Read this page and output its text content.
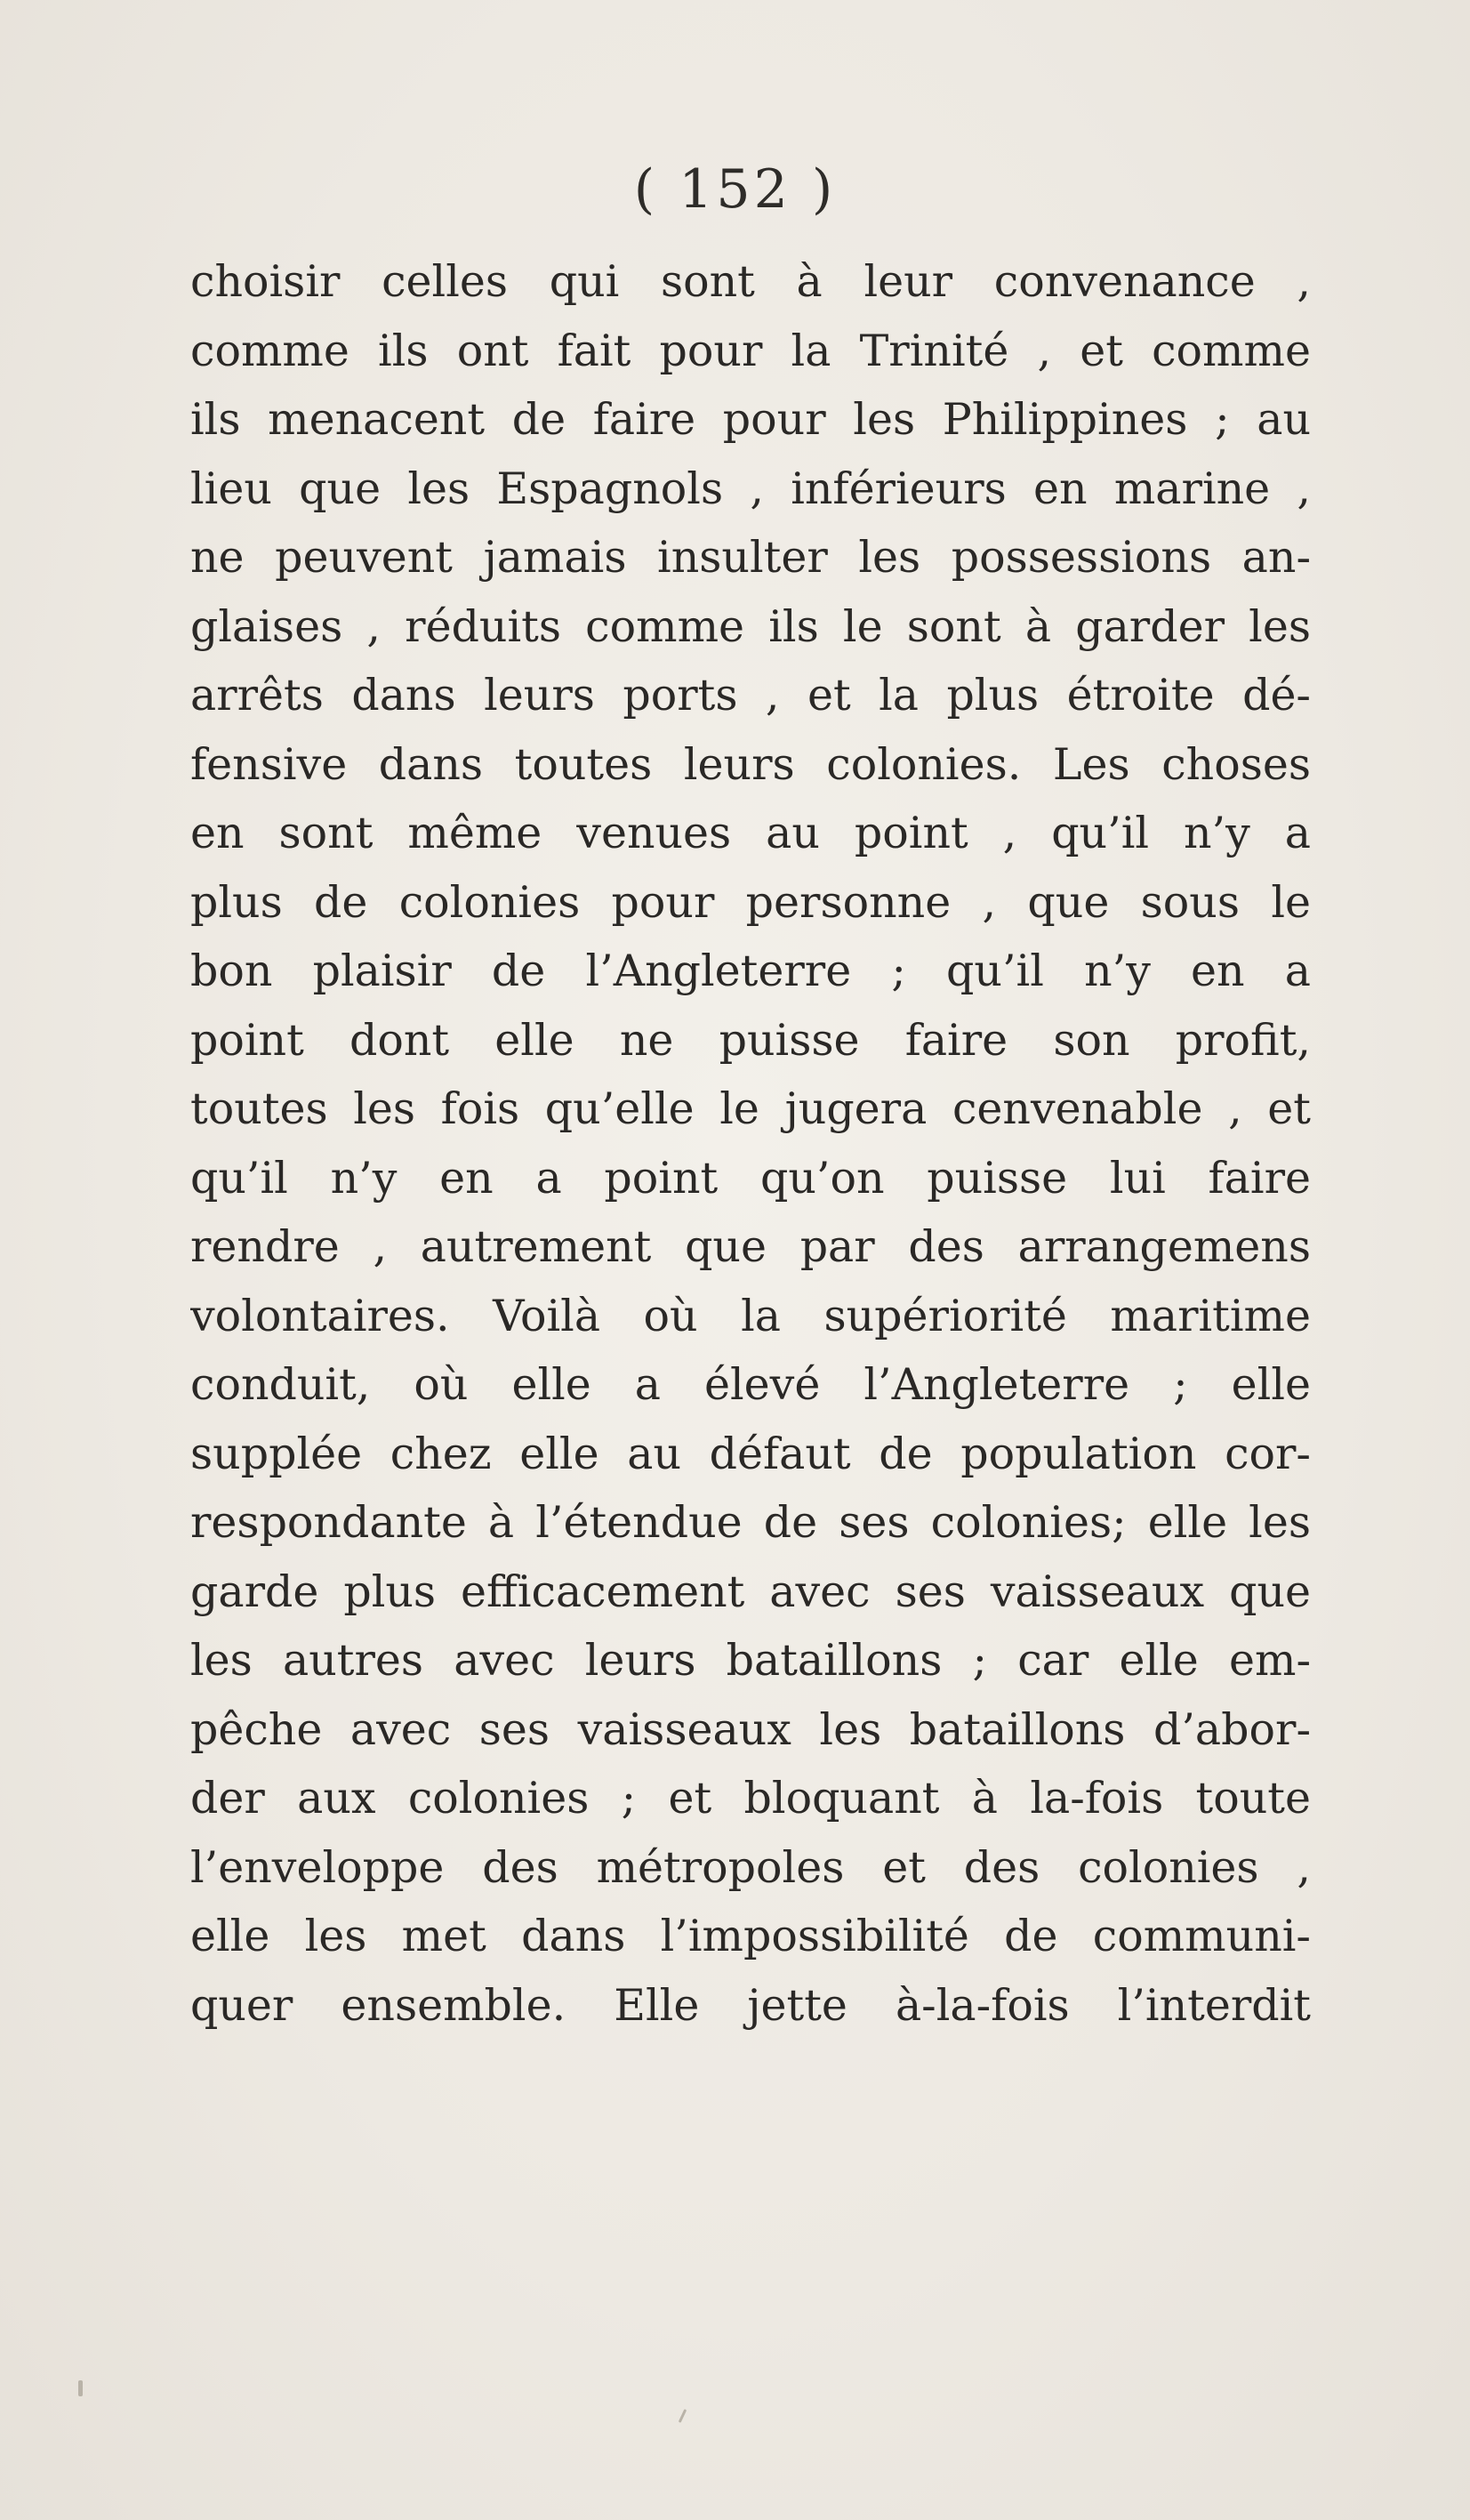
( 152 )
choisir celles qui sont à leur convenance ,
comme ils ont fait pour la Trinité , et comme
ils menacent de faire pour les Philippines ; au
lieu que les Espagnols , inférieurs en marine ,
ne peuvent jamais insulter les possessions an-
glaises , réduits comme ils le sont à garder les
arrêts dans leurs ports , et la plus étroite dé-
fensive dans toutes leurs colonies. Les choses
en sont même venues au point , qu’il n’y a
plus de colonies pour personne , que sous le
bon plaisir de l’Angleterre ; qu’il n’y en a
point dont elle ne puisse faire son profit,
toutes les fois qu’elle le jugera cenvenable , et
qu’il n’y en a point qu’on puisse lui faire
rendre , autrement que par des arrangemens
volontaires. Voilà où la supériorité maritime
conduit, où elle a élevé l’Angleterre ; elle
supplée chez elle au défaut de population cor-
respondante à l’étendue de ses colonies; elle les
garde plus efficacement avec ses vaisseaux que
les autres avec leurs bataillons ; car elle em-
pêche avec ses vaisseaux les bataillons d’abor-
der aux colonies ; et bloquant à la-fois toute
l’enveloppe des métropoles et des colonies ,
elle les met dans l’impossibilité de communi-
quer ensemble. Elle jette à-la-fois l’interdit
